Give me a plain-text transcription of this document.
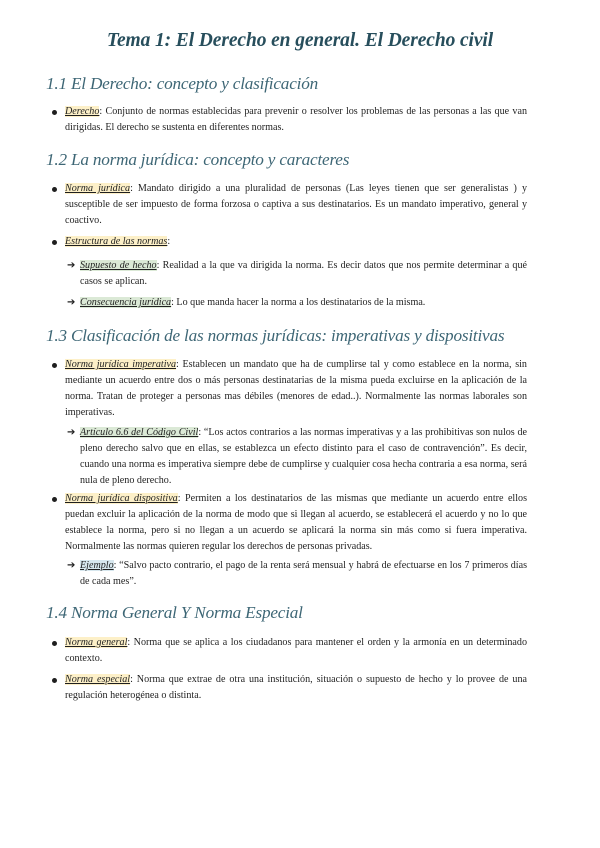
Tema 1: El Derecho en general. El Derecho civil
1.1 El Derecho: concepto y clasificación

Derecho: Conjunto de normas establecidas para prevenir o resolver los problemas de las personas a las que van dirigidas. El derecho se sustenta en diferentes normas.

1.2 La norma jurídica: concepto y caracteres

Norma jurídica: Mandato dirigido a una pluralidad de personas (Las leyes tienen que ser generalistas ) y susceptible de ser impuesto de forma forzosa o captiva a sus destinatarios. Es un mandato imperativo, general y coactivo.

Estructura de las normas:

➔ Supuesto de hecho: Realidad a la que va dirigida la norma. Es decir datos que nos permite determinar a qué casos se aplican.

➔ Consecuencia jurídica: Lo que manda hacer la norma a los destinatarios de la misma.

1.3 Clasificación de las normas jurídicas: imperativas y dispositivas

Norma jurídica imperativa: Establecen un mandato que ha de cumplirse tal y como establece en la norma, sin mediante un acuerdo entre dos o más personas destinatarias de la misma pueda excluirse en la aplicación de la norma. Tratan de proteger a personas mas débiles (menores de edad..). Normalmente las normas laborales son imperativas.

➔ Artículo 6.6 del Código Civil: “Los actos contrarios a las normas imperativas y a las prohibitivas son nulos de pleno derecho salvo que en ellas, se establezca un efecto distinto para el caso de contravención”. Es decir, cuando una norma es imperativa siempre debe de cumplirse y cualquier cosa hecha contraria a esa norma, será nula de pleno derecho.

Norma jurídica dispositiva: Permiten a los destinatarios de las mismas que mediante un acuerdo entre ellos puedan excluir la aplicación de la norma de modo que si llegan al acuerdo, se establecerá el acuerdo y no lo que establece la norma, pero si no llegan a un acuerdo se aplicará la norma sin más como si fuera imperativa. Normalmente las normas quieren regular los derechos de personas privadas.

➔ Ejemplo: “Salvo pacto contrario, el pago de la renta será mensual y habrá de efectuarse en los 7 primeros días de cada mes”.

1.4 Norma General Y Norma Especial

Norma general: Norma que se aplica a los ciudadanos para mantener el orden y la armonía en un determinado contexto.

Norma especial: Norma que extrae de otra una institución, situación o supuesto de hecho y lo provee de una regulación heterogénea o distinta.
